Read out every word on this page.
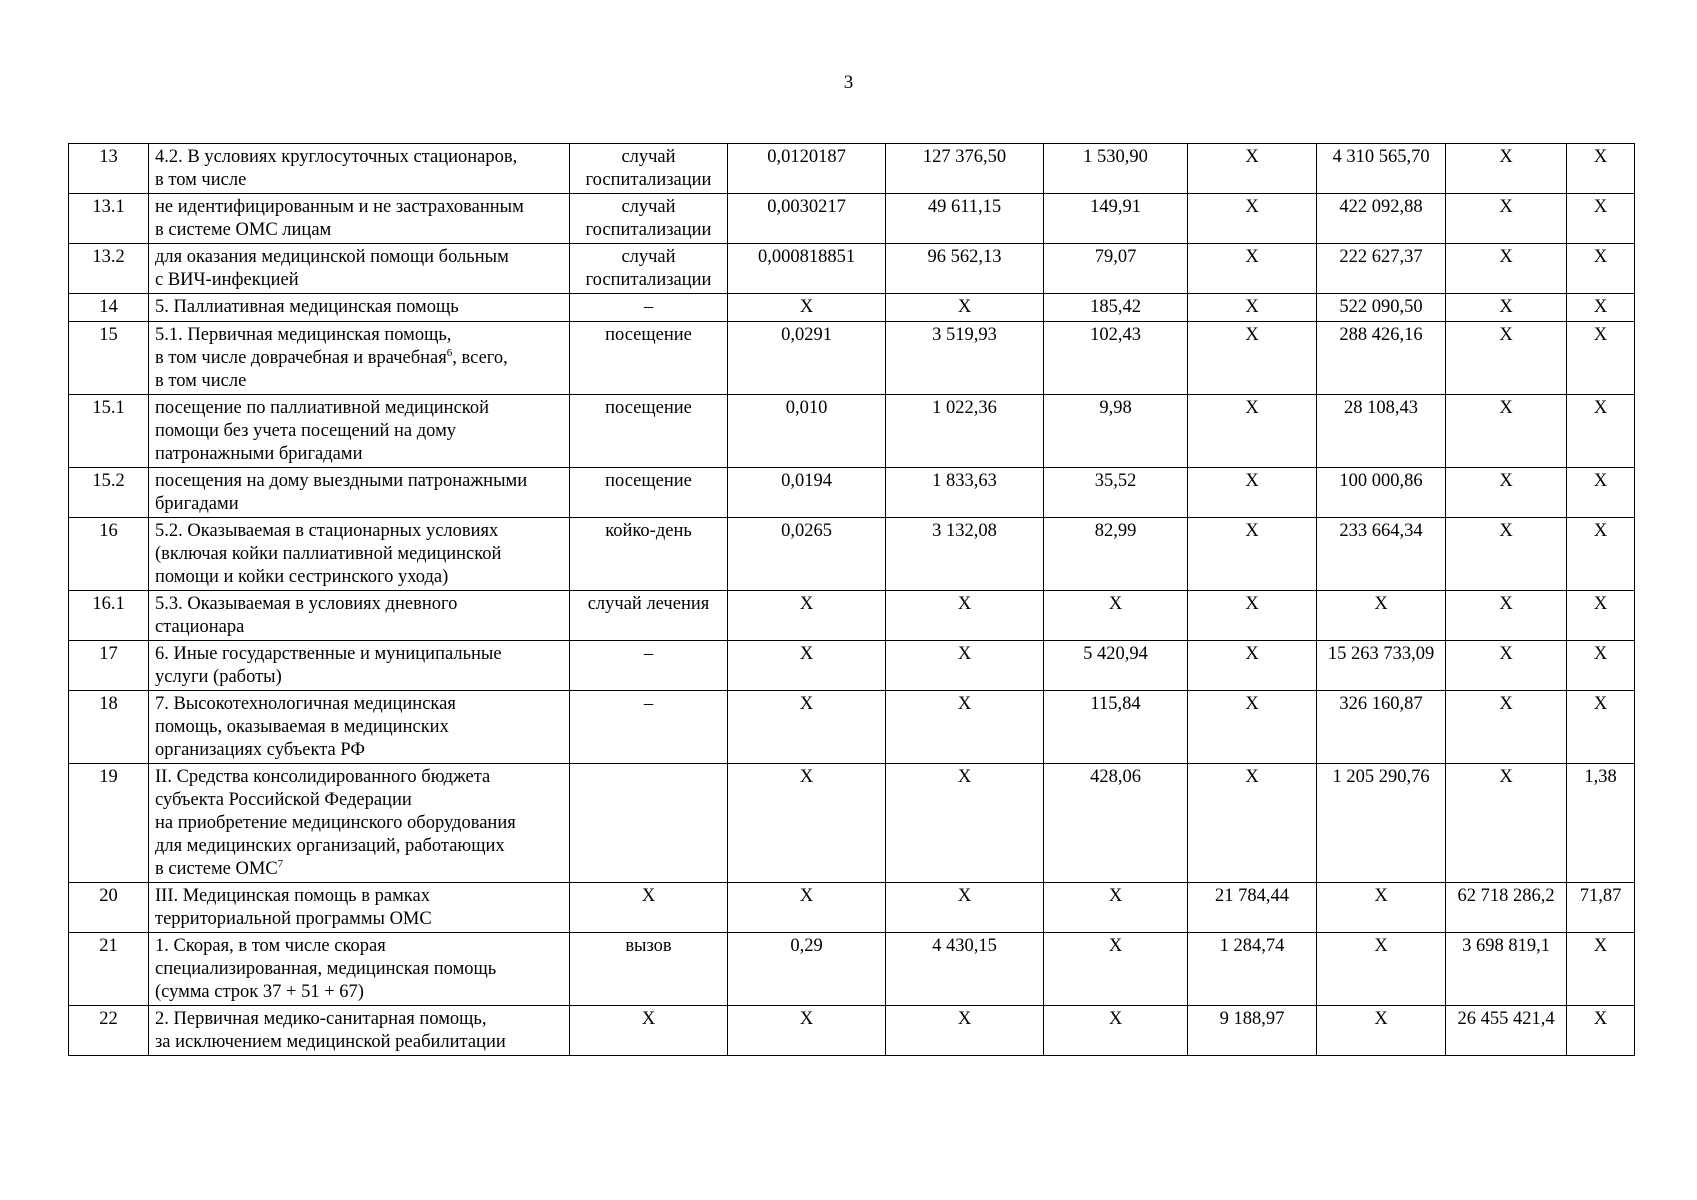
3
13	4.2. В условиях круглосуточных стационаров,
в том числе	случай
госпитализации	0,0120187	127 376,50	1 530,90	X	4 310 565,70	X	X
13.1	не идентифицированным и не застрахованным
в системе ОМС лицам	случай
госпитализации	0,0030217	49 611,15	149,91	X	422 092,88	X	X
13.2	для оказания медицинской помощи больным
с ВИЧ-инфекцией	случай
госпитализации	0,000818851	96 562,13	79,07	X	222 627,37	X	X
14	5. Паллиативная медицинская помощь	–	X	X	185,42	X	522 090,50	X	X
15	5.1. Первичная медицинская помощь,
в том числе доврачебная и врачебная$^6$, всего,
в том числе	посещение	0,0291	3 519,93	102,43	X	288 426,16	X	X
15.1	посещение по паллиативной медицинской
помощи без учета посещений на дому
патронажными бригадами	посещение	0,010	1 022,36	9,98	X	28 108,43	X	X
15.2	посещения на дому выездными патронажными
бригадами	посещение	0,0194	1 833,63	35,52	X	100 000,86	X	X
16	5.2. Оказываемая в стационарных условиях
(включая койки паллиативной медицинской
помощи и койки сестринского ухода)	койко-день	0,0265	3 132,08	82,99	X	233 664,34	X	X
16.1	5.3. Оказываемая в условиях дневного
стационара	случай лечения	X	X	X	X	X	X	X
17	6. Иные государственные и муниципальные
услуги (работы)	–	X	X	5 420,94	X	15 263 733,09	X	X
18	7. Высокотехнологичная медицинская
помощь, оказываемая в медицинских
организациях субъекта РФ	–	X	X	115,84	X	326 160,87	X	X
19	II. Средства консолидированного бюджета
субъекта Российской Федерации
на приобретение медицинского оборудования
для медицинских организаций, работающих
в системе ОМС$^7$		X	X	428,06	X	1 205 290,76	X	1,38
20	III. Медицинская помощь в рамках
территориальной программы ОМС	X	X	X	X	21 784,44	X	62 718 286,2	71,87
21	1. Скорая, в том числе скорая
специализированная, медицинская помощь
(сумма строк 37 + 51 + 67)	вызов	0,29	4 430,15	X	1 284,74	X	3 698 819,1	X
22	2. Первичная медико-санитарная помощь,
за исключением медицинской реабилитации	X	X	X	X	9 188,97	X	26 455 421,4	X
